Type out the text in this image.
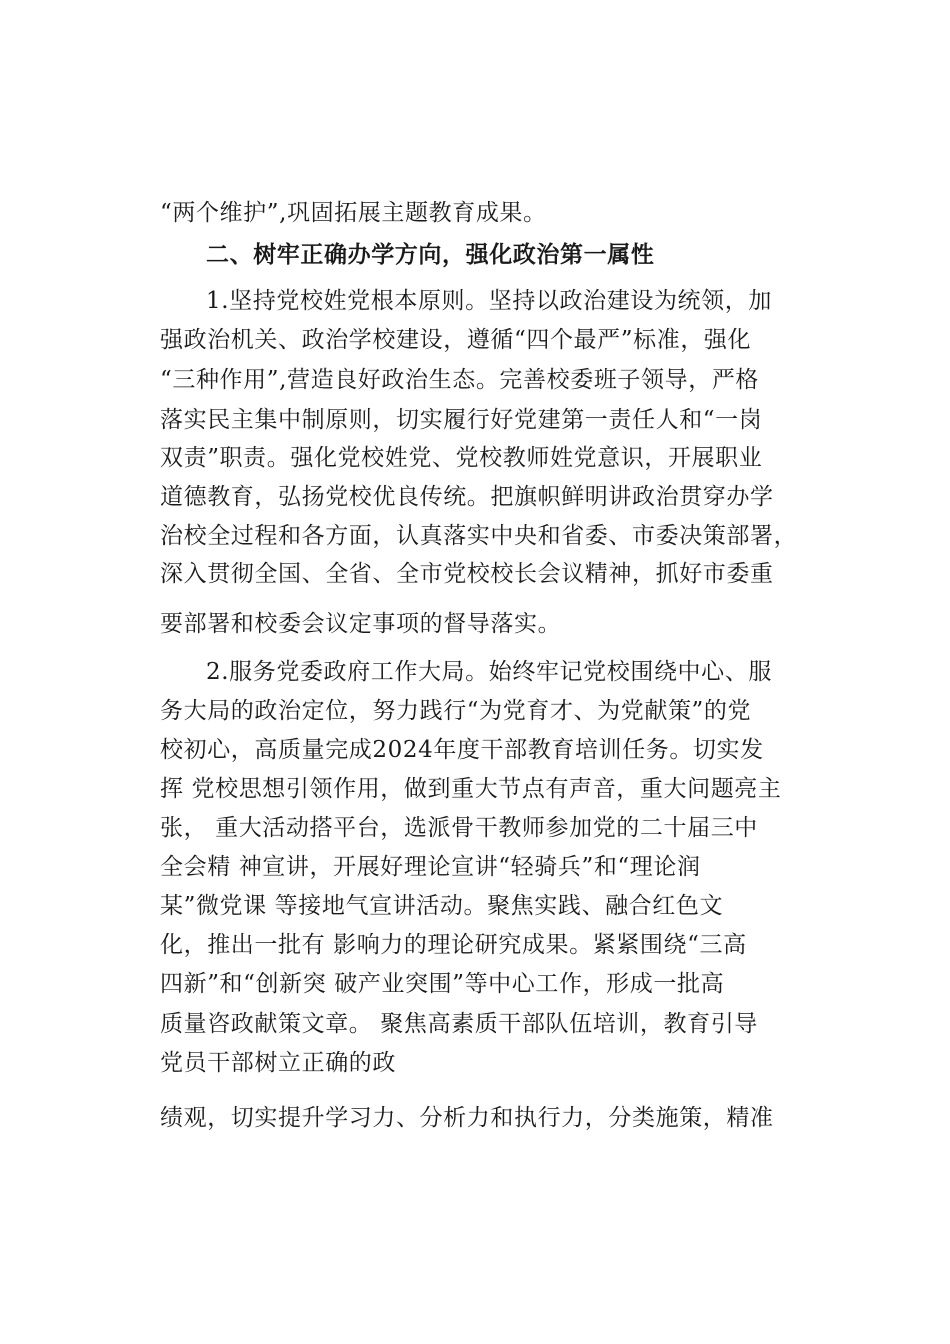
“两个维护”,巩固拓展主题教育成果。
二、树牢正确办学方向，强化政治第一属性
1.坚持党校姓党根本原则。坚持以政治建设为统领，加
强政治机关、政治学校建设，遵循“四个最严”标准，强化
“三种作用”,营造良好政治生态。完善校委班子领导，严格
落实民主集中制原则，切实履行好党建第一责任人和“一岗
双责”职责。强化党校姓党、党校教师姓党意识，开展职业
道德教育，弘扬党校优良传统。把旗帜鲜明讲政治贯穿办学
治校全过程和各方面，认真落实中央和省委、市委决策部署，
深入贯彻全国、全省、全市党校校长会议精神，抓好市委重
要部署和校委会议定事项的督导落实。
2.服务党委政府工作大局。始终牢记党校围绕中心、服
务大局的政治定位，努力践行“为党育才、为党献策”的党
校初心，高质量完成2024年度干部教育培训任务。切实发
挥 党校思想引领作用，做到重大节点有声音，重大问题亮主
张， 重大活动搭平台，选派骨干教师参加党的二十届三中
全会精 神宣讲，开展好理论宣讲“轻骑兵”和“理论润
某”微党课 等接地气宣讲活动。聚焦实践、融合红色文
化，推出一批有 影响力的理论研究成果。紧紧围绕“三高
四新”和“创新突 破产业突围”等中心工作，形成一批高
质量咨政献策文章。 聚焦高素质干部队伍培训，教育引导
党员干部树立正确的政
绩观，切实提升学习力、分析力和执行力，分类施策，精准
